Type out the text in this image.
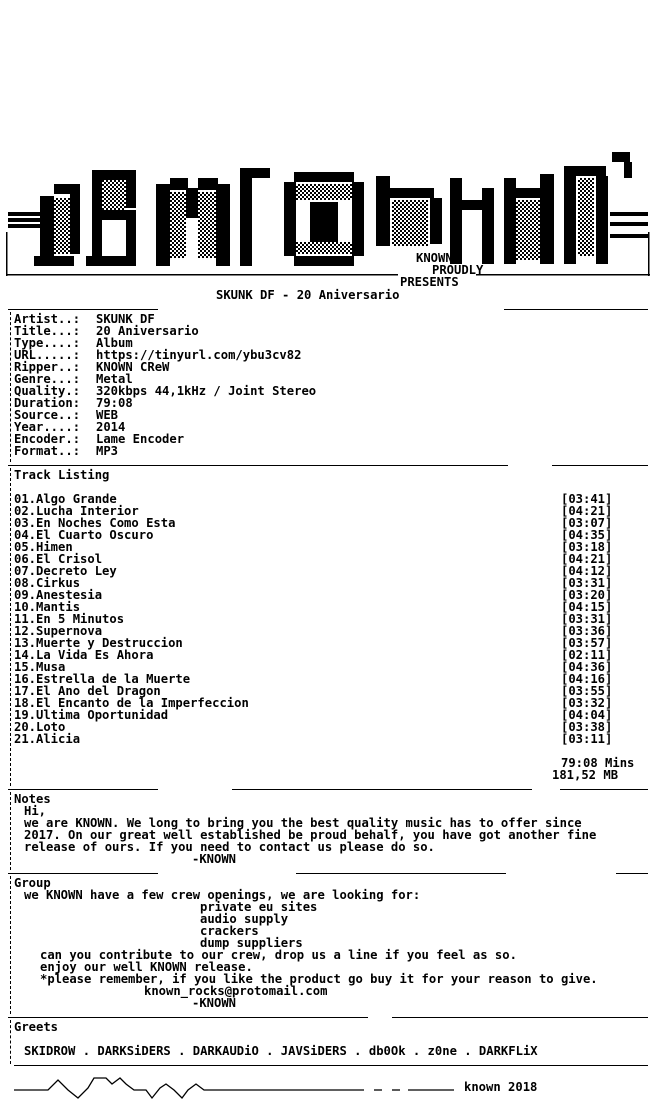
KNOWN

PROUDLY

PRESENTS

SKUNK DF - 20 Aniversario

Artist..: SKUNK DF

Title...: 20 Aniversario

Type....: Album

URL.....: https://tinyurl.com/ybu3cv82

Ripper..: KNOWN CReW

Genre...: Metal

Quality.: 320kbps 44,1kHz / Joint Stereo

Duration: 79:08

Source..: WEB

Year....: 2014

Encoder.: Lame Encoder

Format..: MP3

Track Listing
01.Algo Grande	[03:41]
02.Lucha Interior	[04:21]
03.En Noches Como Esta	[03:07]
04.El Cuarto Oscuro	[04:35]
05.Himen	[03:18]
06.El Crisol	[04:21]
07.Decreto Ley	[04:12]
08.Cirkus	[03:31]
09.Anestesia	[03:20]
10.Mantis	[04:15]
11.En 5 Minutos	[03:31]
12.Supernova	[03:36]
13.Muerte y Destruccion	[03:57]
14.La Vida Es Ahora	[02:11]
15.Musa	[04:36]
16.Estrella de la Muerte	[04:16]
17.El Ano del Dragon	[03:55]
18.El Encanto de la Imperfeccion	[03:32]
19.Ultima Oportunidad	[04:04]
20.Loto	[03:38]
21.Alicia	[03:11]
79:08 Mins
181,52 MB

Notes

Hi,

we are KNOWN. We long to bring you the best quality music has to offer since

2017. On our great well established be proud behalf, you have got another fine

release of ours. If you need to contact us please do so.

-KNOWN

Group

we KNOWN have a few crew openings, we are looking for:

private eu sites

audio supply

crackers

dump suppliers

can you contribute to our crew, drop us a line if you feel as so.

enjoy our well KNOWN release.

*please remember, if you like the product go buy it for your reason to give.

known_rocks@protomail.com

-KNOWN

Greets

SKIDROW . DARKSiDERS . DARKAUDiO . JAVSiDERS . db0Ok . z0ne . DARKFLiX

known 2018
